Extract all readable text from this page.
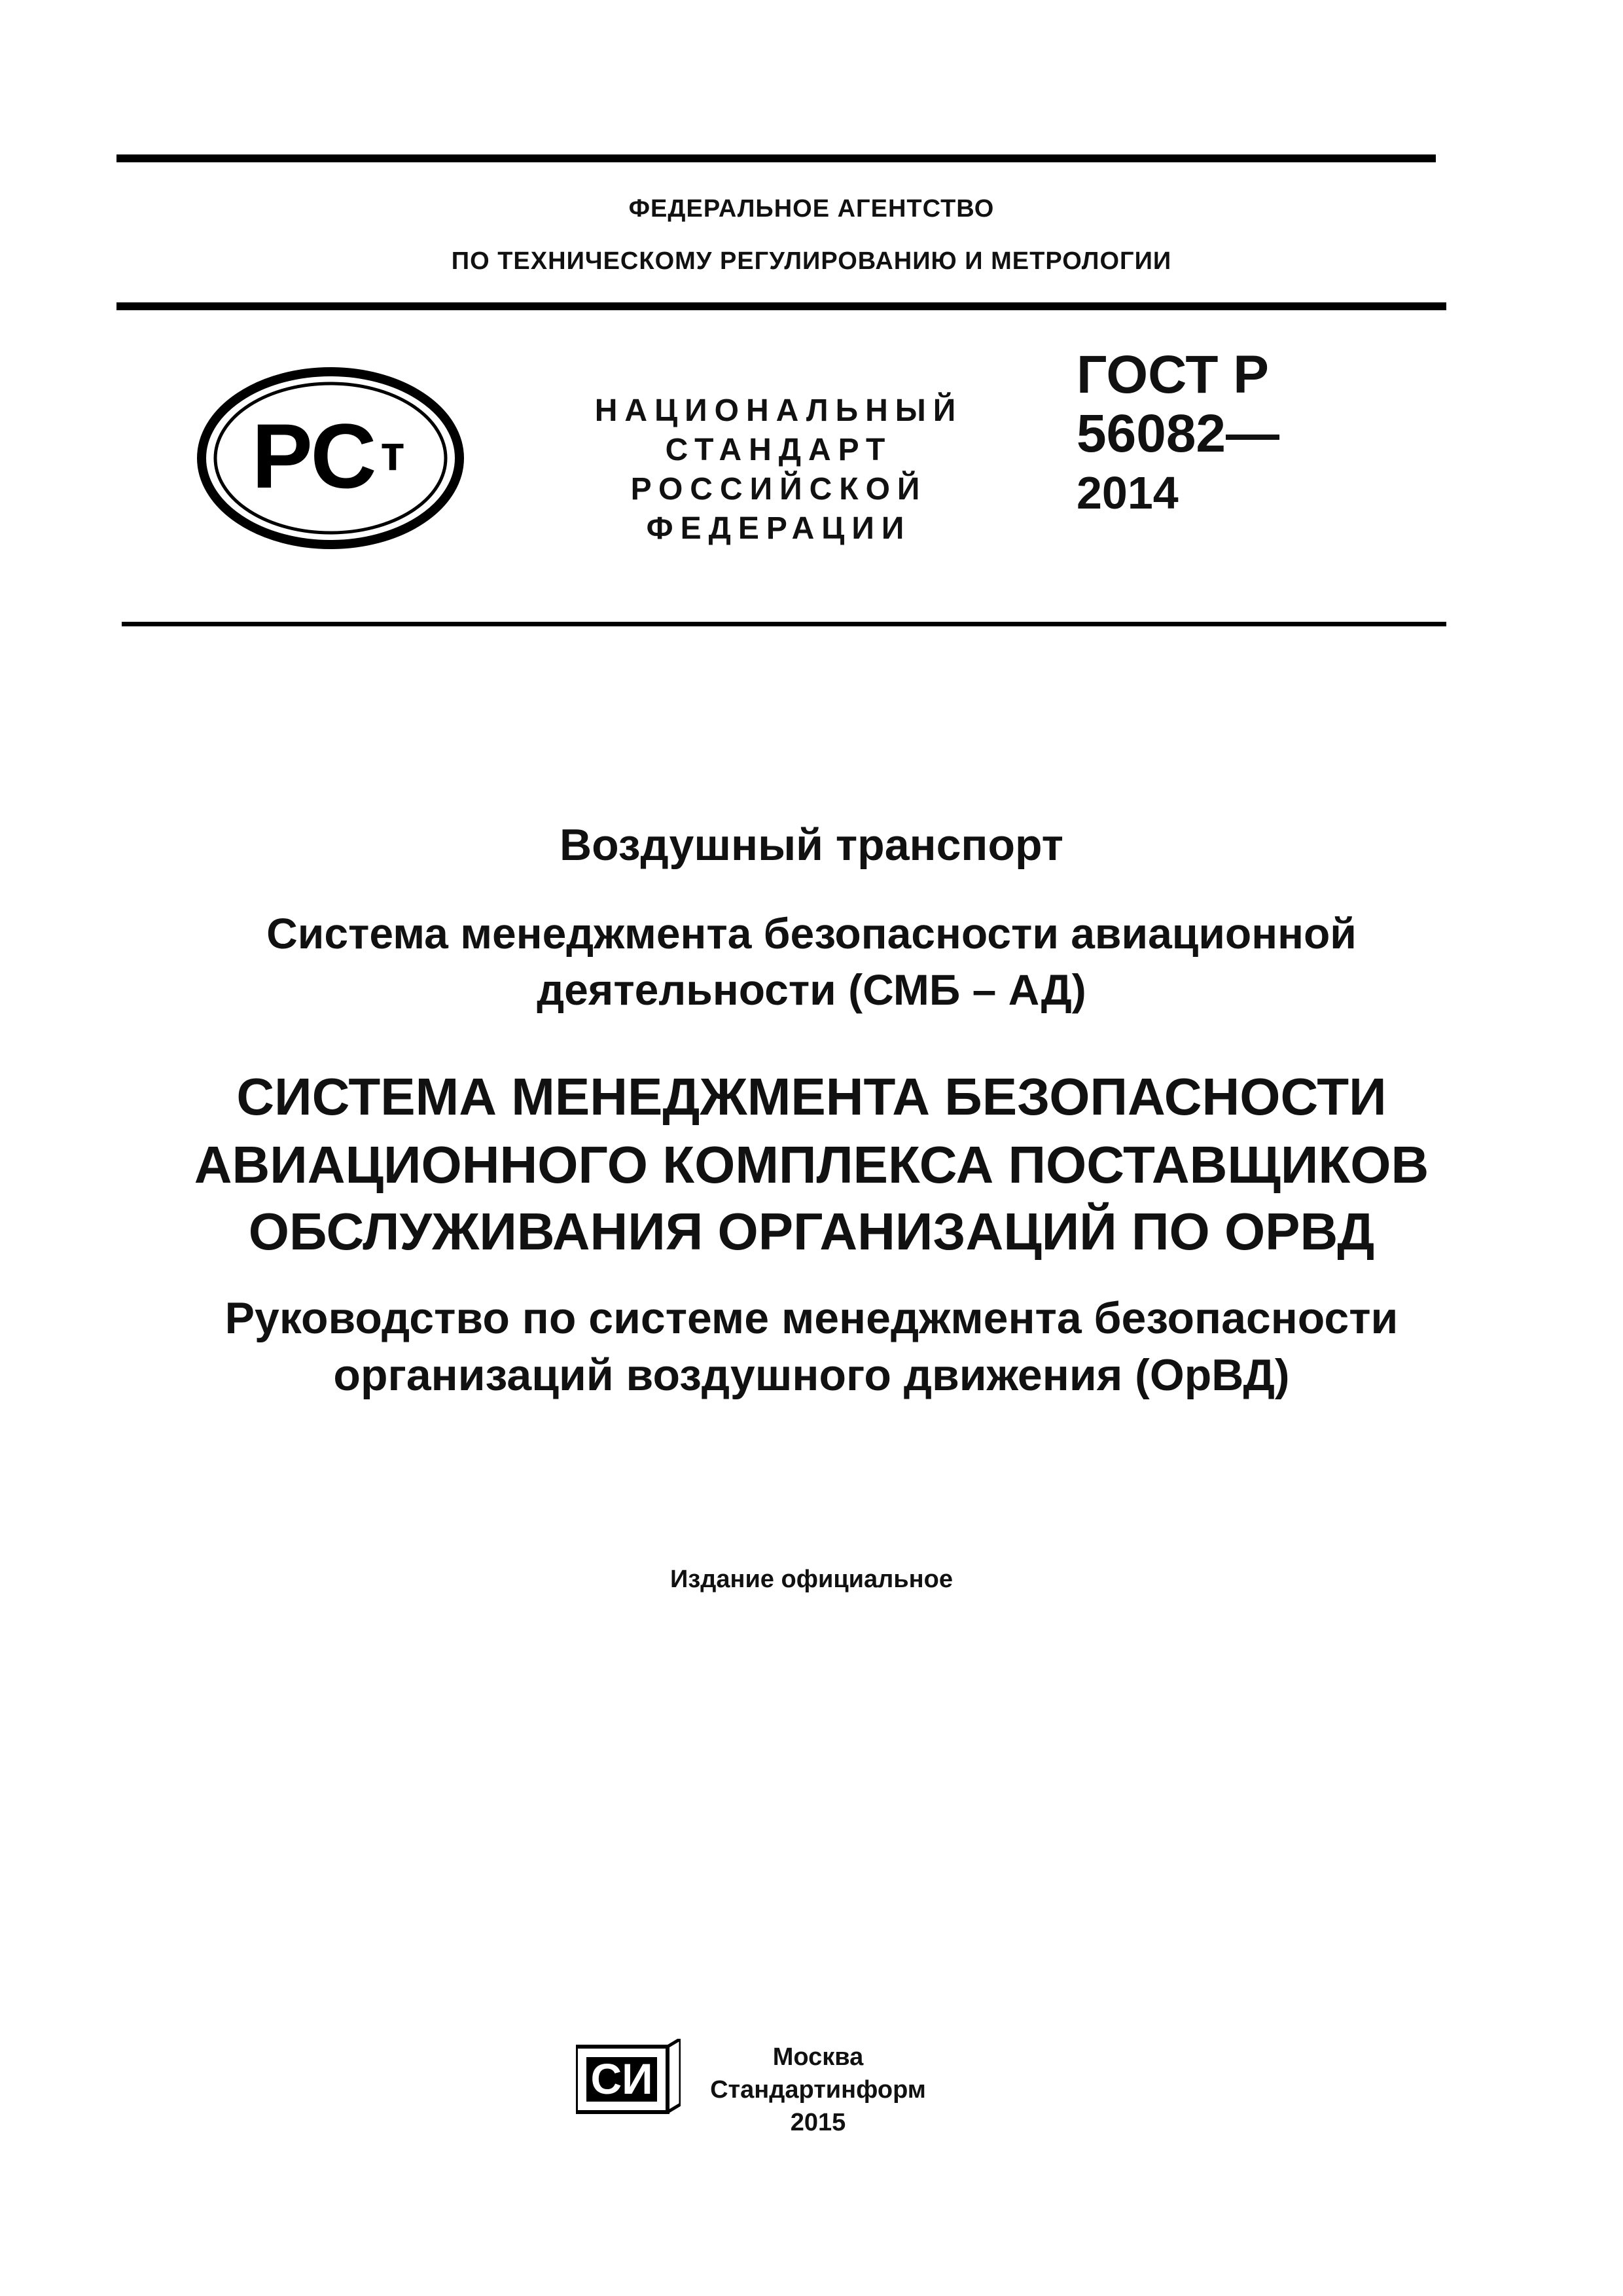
ФЕДЕРАЛЬНОЕ АГЕНТСТВО
ПО ТЕХНИЧЕСКОМУ РЕГУЛИРОВАНИЮ И МЕТРОЛОГИИ
РС т
НАЦИОНАЛЬНЫЙ
СТАНДАРТ
РОССИЙСКОЙ
ФЕДЕРАЦИИ
ГОСТ Р
56082—
2014
Воздушный транспорт
Система менеджмента безопасности авиационной
деятельности (СМБ – АД)
СИСТЕМА МЕНЕДЖМЕНТА БЕЗОПАСНОСТИ
АВИАЦИОННОГО КОМПЛЕКСА ПОСТАВЩИКОВ
ОБСЛУЖИВАНИЯ ОРГАНИЗАЦИЙ ПО ОРВД
Руководство по системе менеджмента безопасности
организаций воздушного движения (ОрВД)
Издание официальное
СИ	Москва
Стандартинформ
2015
